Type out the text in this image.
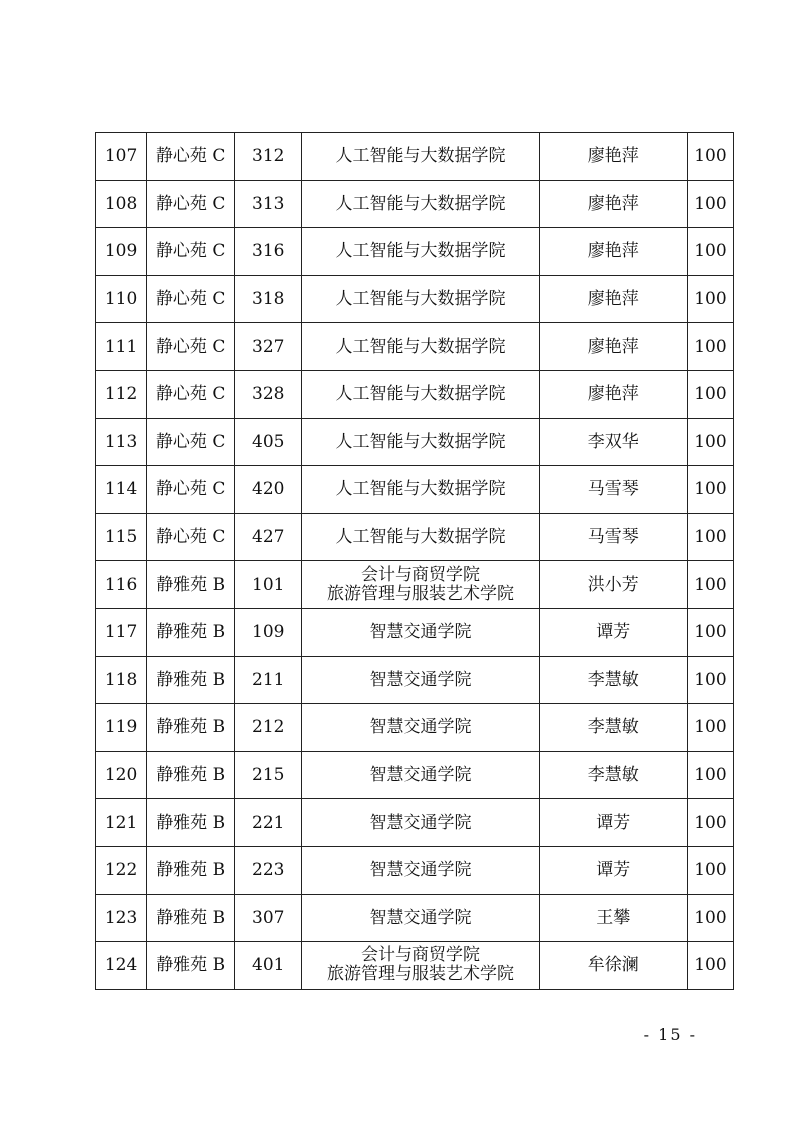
107	静心苑 C	312	人工智能与大数据学院	廖艳萍	100
108	静心苑 C	313	人工智能与大数据学院	廖艳萍	100
109	静心苑 C	316	人工智能与大数据学院	廖艳萍	100
110	静心苑 C	318	人工智能与大数据学院	廖艳萍	100
111	静心苑 C	327	人工智能与大数据学院	廖艳萍	100
112	静心苑 C	328	人工智能与大数据学院	廖艳萍	100
113	静心苑 C	405	人工智能与大数据学院	李双华	100
114	静心苑 C	420	人工智能与大数据学院	马雪琴	100
115	静心苑 C	427	人工智能与大数据学院	马雪琴	100
116	静雅苑 B	101	会计与商贸学院
旅游管理与服装艺术学院	洪小芳	100
117	静雅苑 B	109	智慧交通学院	谭芳	100
118	静雅苑 B	211	智慧交通学院	李慧敏	100
119	静雅苑 B	212	智慧交通学院	李慧敏	100
120	静雅苑 B	215	智慧交通学院	李慧敏	100
121	静雅苑 B	221	智慧交通学院	谭芳	100
122	静雅苑 B	223	智慧交通学院	谭芳	100
123	静雅苑 B	307	智慧交通学院	王攀	100
124	静雅苑 B	401	会计与商贸学院
旅游管理与服装艺术学院	牟徐澜	100
- 15 -
